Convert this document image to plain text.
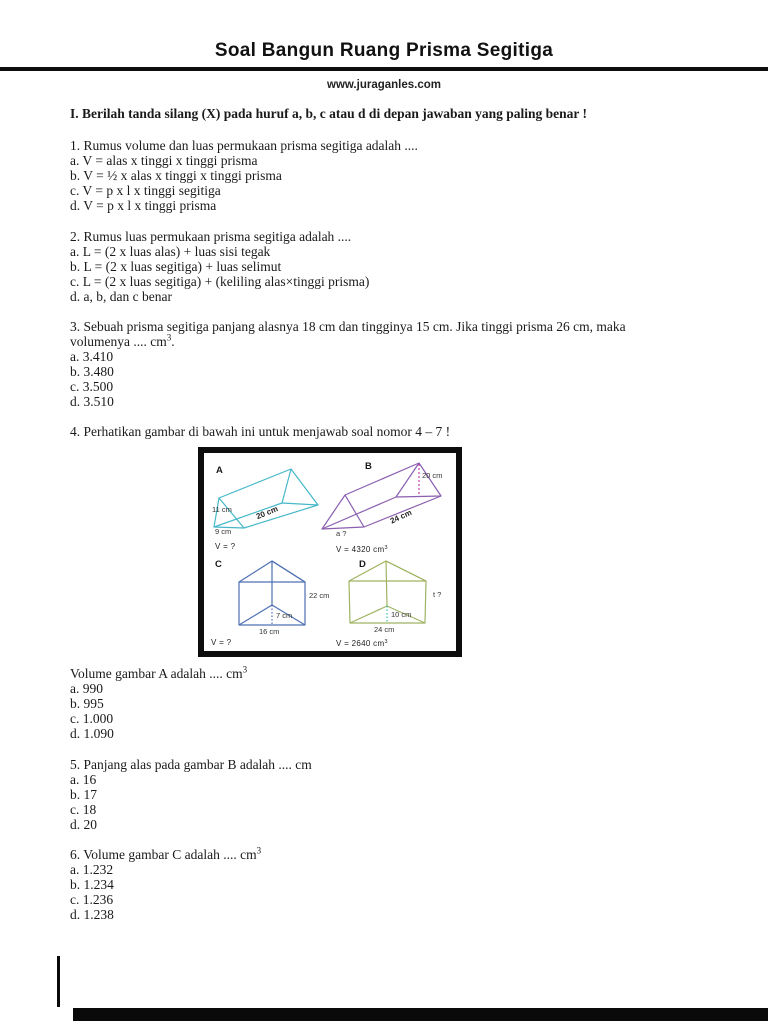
Soal Bangun Ruang Prisma Segitiga
www.juraganles.com
I. Berilah tanda silang (X) pada huruf a, b, c atau d di depan jawaban yang paling benar !
1. Rumus volume dan luas permukaan prisma segitiga adalah ....
a. V = alas x tinggi x tinggi prisma
b. V = ½ x alas x tinggi x tinggi prisma
c. V = p x l x tinggi segitiga
d. V = p x l x tinggi prisma
2. Rumus luas permukaan prisma segitiga adalah ....
a. L = (2 x luas alas) + luas sisi tegak
b. L = (2 x luas segitiga) + luas selimut
c. L = (2 x luas segitiga) + (keliling alas×tinggi prisma)
d. a, b, dan c benar
3. Sebuah prisma segitiga panjang alasnya 18 cm dan tingginya 15 cm. Jika tinggi prisma 26 cm, maka
volumenya .... $cm^3$.
a. 3.410
b. 3.480
c. 3.500
d. 3.510
4. Perhatikan gambar di bawah ini untuk menjawab soal nomor 4 – 7 !
A
11 cm	20 cm
9 cm
V = ?
B
20 cm
24 cm
a ?
V = 4320 $cm^3$
C
22 cm
7 cm
16 cm
V = ?
D
t ?
10 cm
24 cm
V = 2640 $cm^3$
Volume gambar A adalah .... $cm^3$
a. 990
b. 995
c. 1.000
d. 1.090
5. Panjang alas pada gambar B adalah .... cm
a. 16
b. 17
c. 18
d. 20
6. Volume gambar C adalah .... $cm^3$
a. 1.232
b. 1.234
c. 1.236
d. 1.238
